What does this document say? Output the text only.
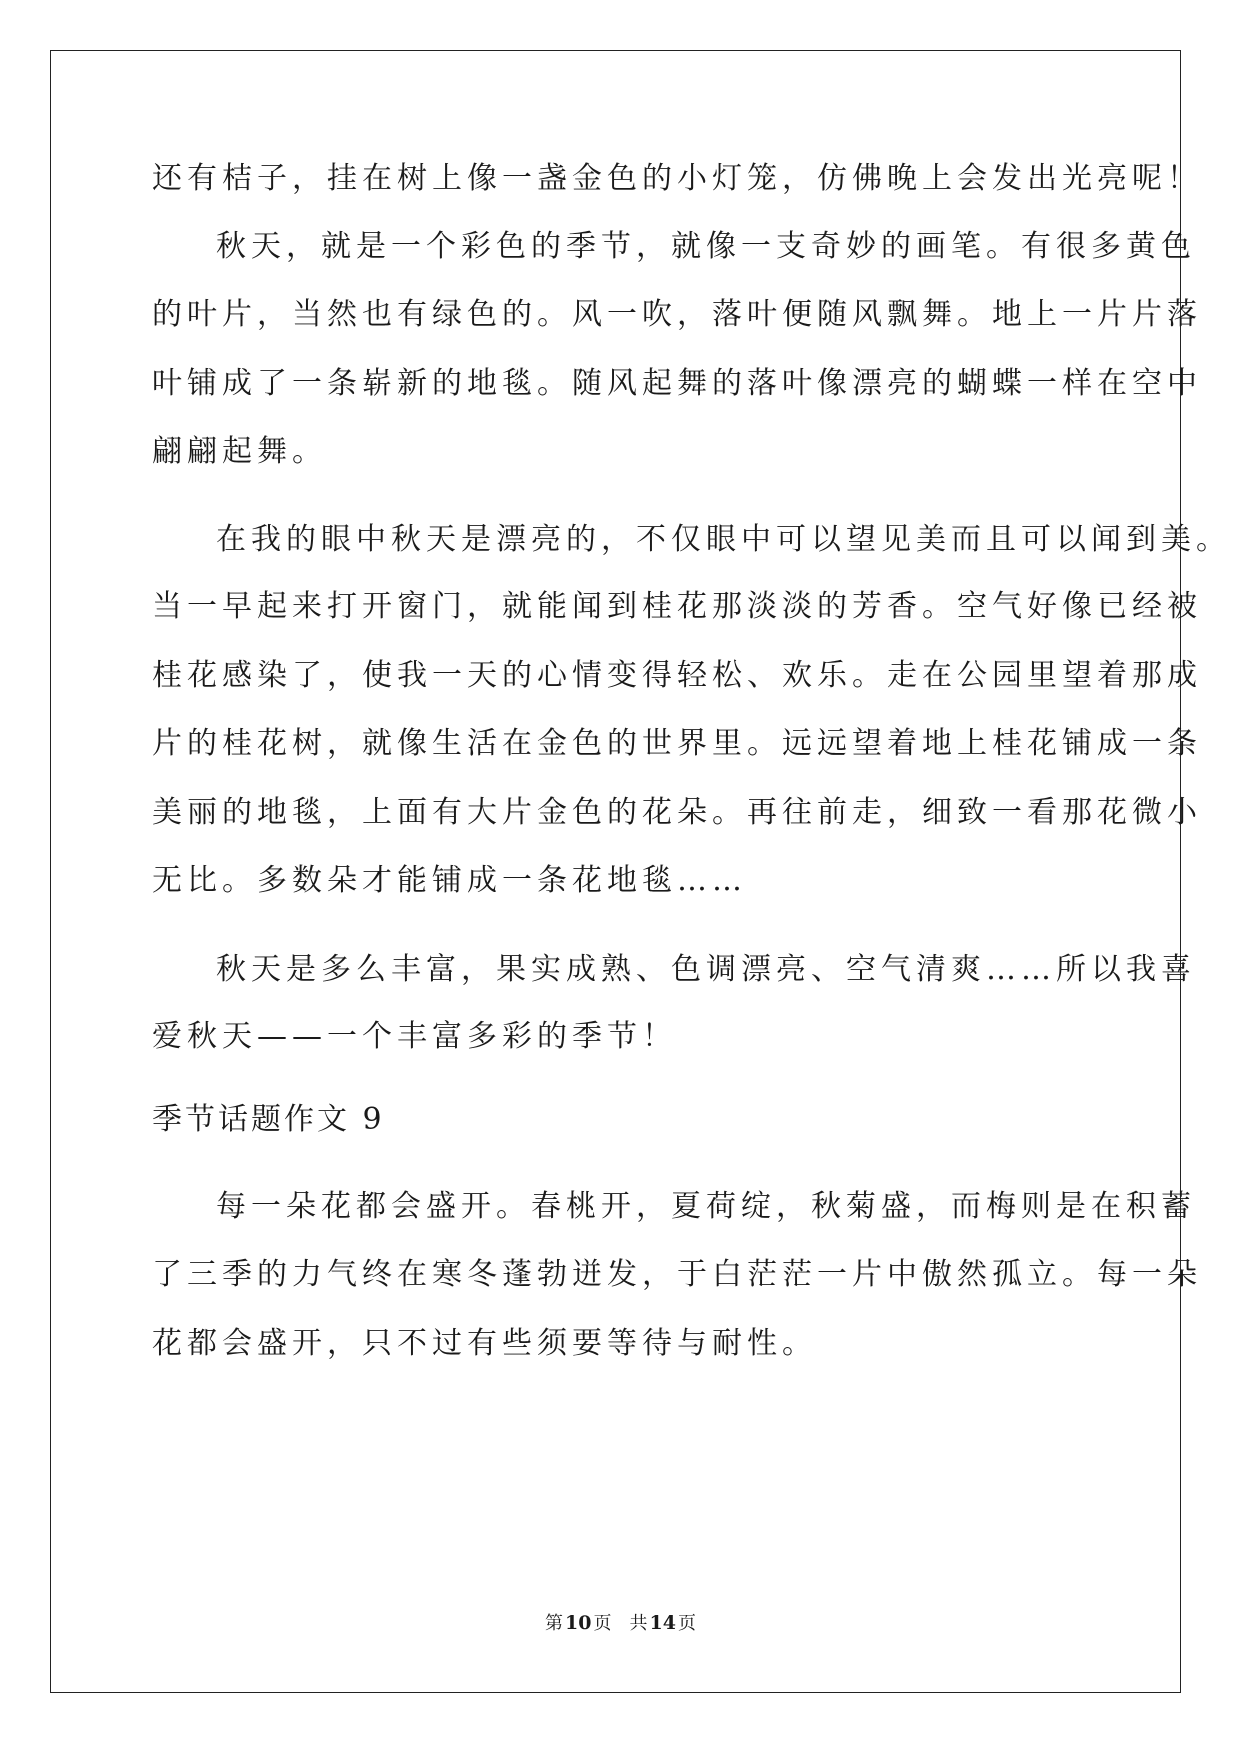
还有桔子，挂在树上像一盏金色的小灯笼，仿佛晚上会发出光亮呢！
秋天，就是一个彩色的季节，就像一支奇妙的画笔。有很多黄色
的叶片，当然也有绿色的。风一吹，落叶便随风飘舞。地上一片片落
叶铺成了一条崭新的地毯。随风起舞的落叶像漂亮的蝴蝶一样在空中
翩翩起舞。
在我的眼中秋天是漂亮的，不仅眼中可以望见美而且可以闻到美。
当一早起来打开窗门，就能闻到桂花那淡淡的芳香。空气好像已经被
桂花感染了，使我一天的心情变得轻松、欢乐。走在公园里望着那成
片的桂花树，就像生活在金色的世界里。远远望着地上桂花铺成一条
美丽的地毯，上面有大片金色的花朵。再往前走，细致一看那花微小
无比。多数朵才能铺成一条花地毯……
秋天是多么丰富，果实成熟、色调漂亮、空气清爽……所以我喜
爱秋天——一个丰富多彩的季节！
季节话题作文 9
每一朵花都会盛开。春桃开，夏荷绽，秋菊盛，而梅则是在积蓄
了三季的力气终在寒冬蓬勃迸发，于白茫茫一片中傲然孤立。每一朵
花都会盛开，只不过有些须要等待与耐性。
第 10 页 共 14 页
